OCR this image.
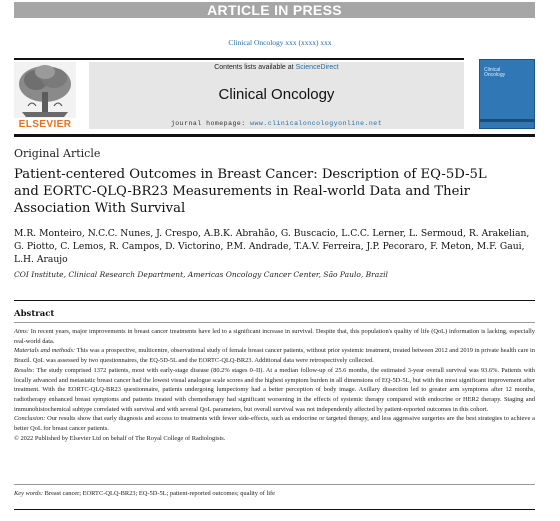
ARTICLE IN PRESS
Clinical Oncology xxx (xxxx) xxx
ELSEVIER
Contents lists available at ScienceDirect
Clinical Oncology
journal homepage: www.clinicaloncologyonline.net
Clinical
Oncology
Original Article
Patient-centered Outcomes in Breast Cancer: Description of EQ-5D-5L and EORTC-QLQ-BR23 Measurements in Real-world Data and Their Association With Survival
M.R. Monteiro, N.C.C. Nunes, J. Crespo, A.B.K. Abrahão, G. Buscacio, L.C.C. Lerner, L. Sermoud, R. Arakelian, G. Piotto, C. Lemos, R. Campos, D. Victorino, P.M. Andrade, T.A.V. Ferreira, J.P. Pecoraro, F. Meton, M.F. Gaui, L.H. Araujo
COI Institute, Clinical Research Department, Americas Oncology Cancer Center, São Paulo, Brazil
Abstract

Aims: In recent years, major improvements in breast cancer treatments have led to a significant increase in survival. Despite that, this population's quality of life (QoL) information is lacking, especially real-world data.

Materials and methods: This was a prospective, multicentre, observational study of female breast cancer patients, without prior systemic treatment, treated between 2012 and 2019 in private health care in Brazil. QoL was assessed by two questionnaires, the EQ-5D-5L and the EORTC-QLQ-BR23. Additional data were retrospectively collected.

Results: The study comprised 1372 patients, most with early-stage disease (80.2% stages 0–II). At a median follow-up of 25.6 months, the estimated 3-year overall survival was 93.6%. Patients with locally advanced and metastatic breast cancer had the lowest visual analogue scale scores and the highest symptom burden in all dimensions of EQ-5D-5L, but with the most significant improvement after treatment. With the EORTC-QLQ-BR23 questionnaire, patients undergoing lumpectomy had a better perception of body image. Axillary dissection led to greater arm symptoms after 12 months, radiotherapy enhanced breast symptoms and patients treated with chemotherapy had significant worsening in the effects of systemic therapy compared with endocrine or HER2 therapy. Staging and immunohistochemical subtype correlated with survival and with several QoL parameters, but overall survival was not independently affected by patient-reported outcomes in this cohort.

Conclusion: Our results show that early diagnosis and access to treatments with fewer side-effects, such as endocrine or targeted therapy, and less aggressive surgeries are the best strategies to achieve a better QoL for breast cancer patients.

© 2022 Published by Elsevier Ltd on behalf of The Royal College of Radiologists.

Key words: Breast cancer; EORTC-QLQ-BR23; EQ-5D-5L; patient-reported outcomes; quality of life
